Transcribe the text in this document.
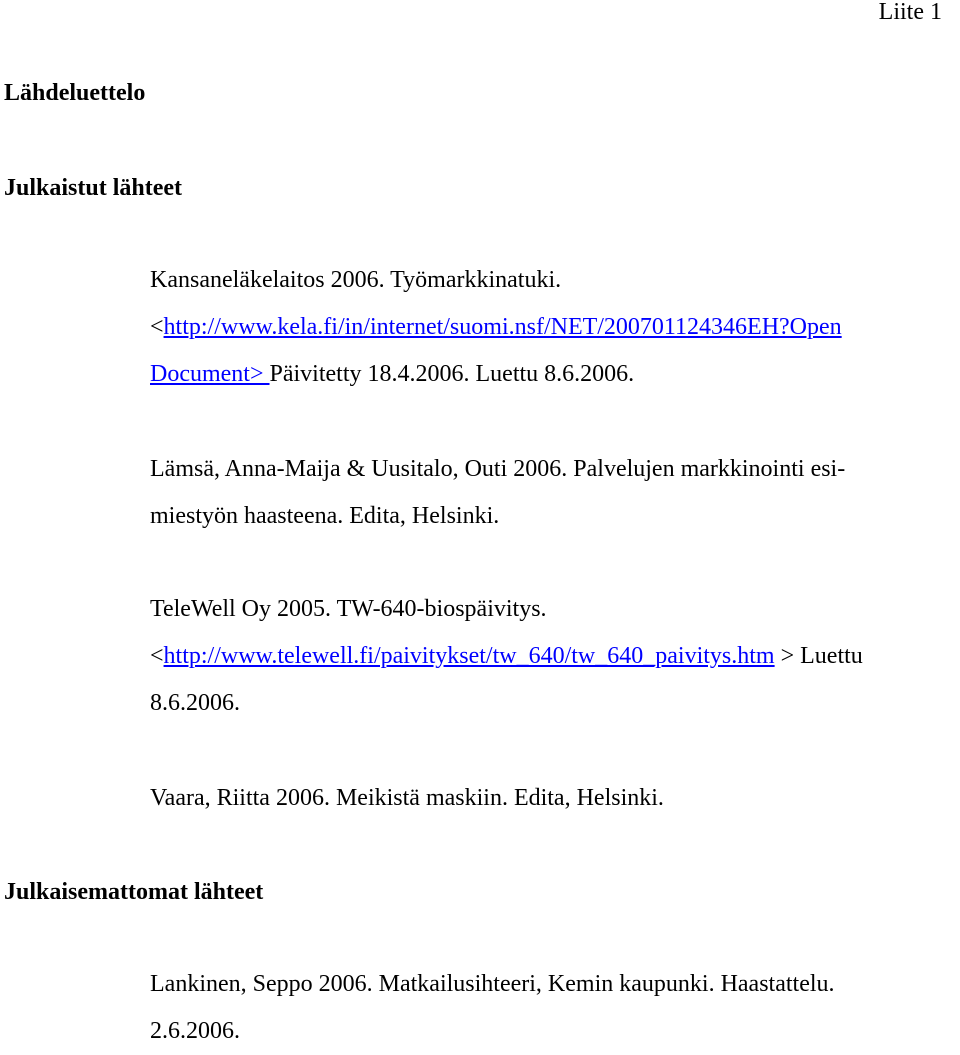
Liite 1
Lähdeluettelo
Julkaistut lähteet
Kansaneläkelaitos 2006. Työmarkkinatuki.
<http://www.kela.fi/in/internet/suomi.nsf/NET/200701124346EH?Open
Document> Päivitetty 18.4.2006. Luettu 8.6.2006.
Lämsä, Anna-Maija & Uusitalo, Outi 2006. Palvelujen markkinointi esi-
miestyön haasteena. Edita, Helsinki.
TeleWell Oy 2005. TW-640-biospäivitys.
<http://www.telewell.fi/paivitykset/tw_640/tw_640_paivitys.htm > Luettu
8.6.2006.
Vaara, Riitta 2006. Meikistä maskiin. Edita, Helsinki.
Julkaisemattomat lähteet
Lankinen, Seppo 2006. Matkailusihteeri, Kemin kaupunki. Haastattelu.
2.6.2006.
